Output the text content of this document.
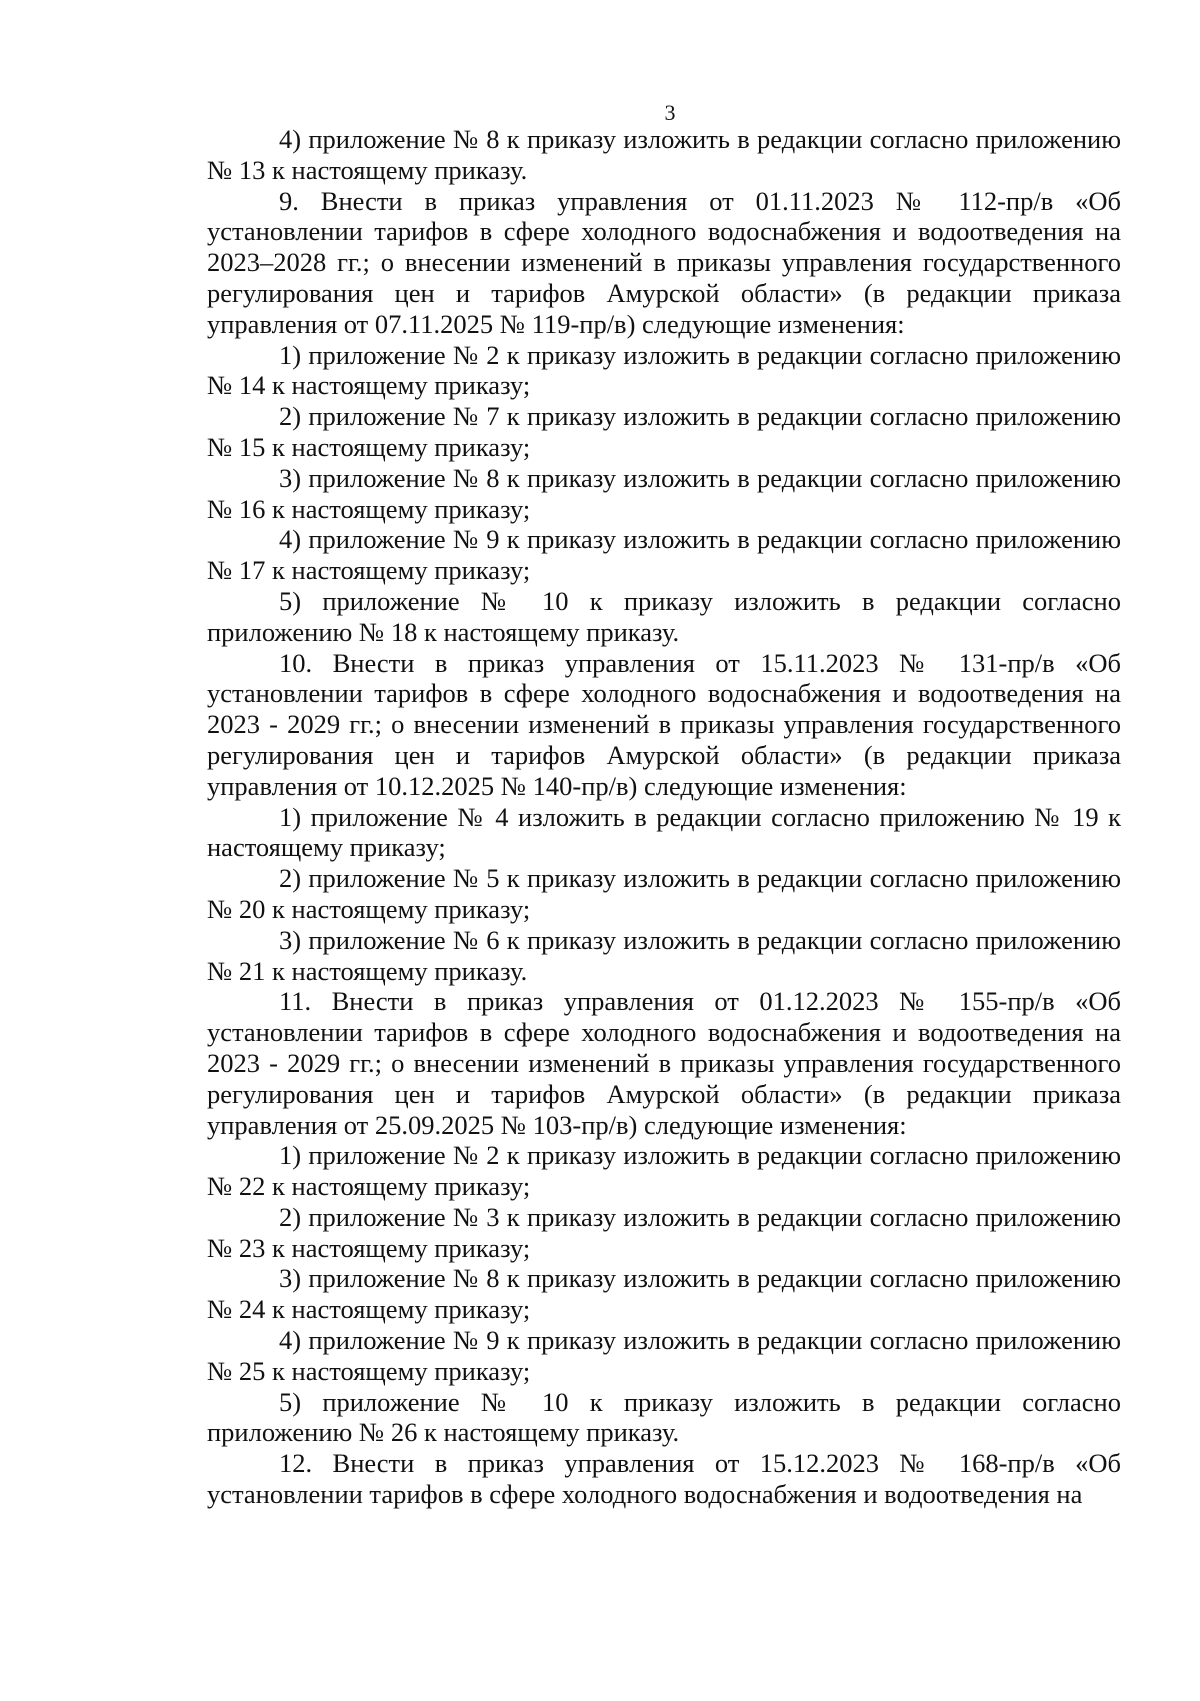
3

4) приложение № 8 к приказу изложить в редакции согласно приложению № 13 к настоящему приказу.

9. Внести в приказ управления от 01.11.2023 № 112-пр/в «Об установлении тарифов в сфере холодного водоснабжения и водоотведения на 2023–2028 гг.; о внесении изменений в приказы управления государственного регулирования цен и тарифов Амурской области» (в редакции приказа управления от 07.11.2025 № 119-пр/в) следующие изменения:

1) приложение № 2 к приказу изложить в редакции согласно приложению № 14 к настоящему приказу;

2) приложение № 7 к приказу изложить в редакции согласно приложению № 15 к настоящему приказу;

3) приложение № 8 к приказу изложить в редакции согласно приложению № 16 к настоящему приказу;

4) приложение № 9 к приказу изложить в редакции согласно приложению № 17 к настоящему приказу;

5) приложение № 10 к приказу изложить в редакции согласно приложению № 18 к настоящему приказу.

10. Внести в приказ управления от 15.11.2023 № 131-пр/в «Об установлении тарифов в сфере холодного водоснабжения и водоотведения на 2023 - 2029 гг.; о внесении изменений в приказы управления государственного регулирования цен и тарифов Амурской области» (в редакции приказа управления от 10.12.2025 № 140-пр/в) следующие изменения:

1) приложение № 4 изложить в редакции согласно приложению № 19 к настоящему приказу;

2) приложение № 5 к приказу изложить в редакции согласно приложению № 20 к настоящему приказу;

3) приложение № 6 к приказу изложить в редакции согласно приложению № 21 к настоящему приказу.

11. Внести в приказ управления от 01.12.2023 № 155-пр/в «Об установлении тарифов в сфере холодного водоснабжения и водоотведения на 2023 - 2029 гг.; о внесении изменений в приказы управления государственного регулирования цен и тарифов Амурской области» (в редакции приказа управления от 25.09.2025 № 103-пр/в) следующие изменения:

1) приложение № 2 к приказу изложить в редакции согласно приложению № 22 к настоящему приказу;

2) приложение № 3 к приказу изложить в редакции согласно приложению № 23 к настоящему приказу;

3) приложение № 8 к приказу изложить в редакции согласно приложению № 24 к настоящему приказу;

4) приложение № 9 к приказу изложить в редакции согласно приложению № 25 к настоящему приказу;

5) приложение № 10 к приказу изложить в редакции согласно приложению № 26 к настоящему приказу.

12. Внести в приказ управления от 15.12.2023 № 168-пр/в «Об установлении тарифов в сфере холодного водоснабжения и водоотведения на
